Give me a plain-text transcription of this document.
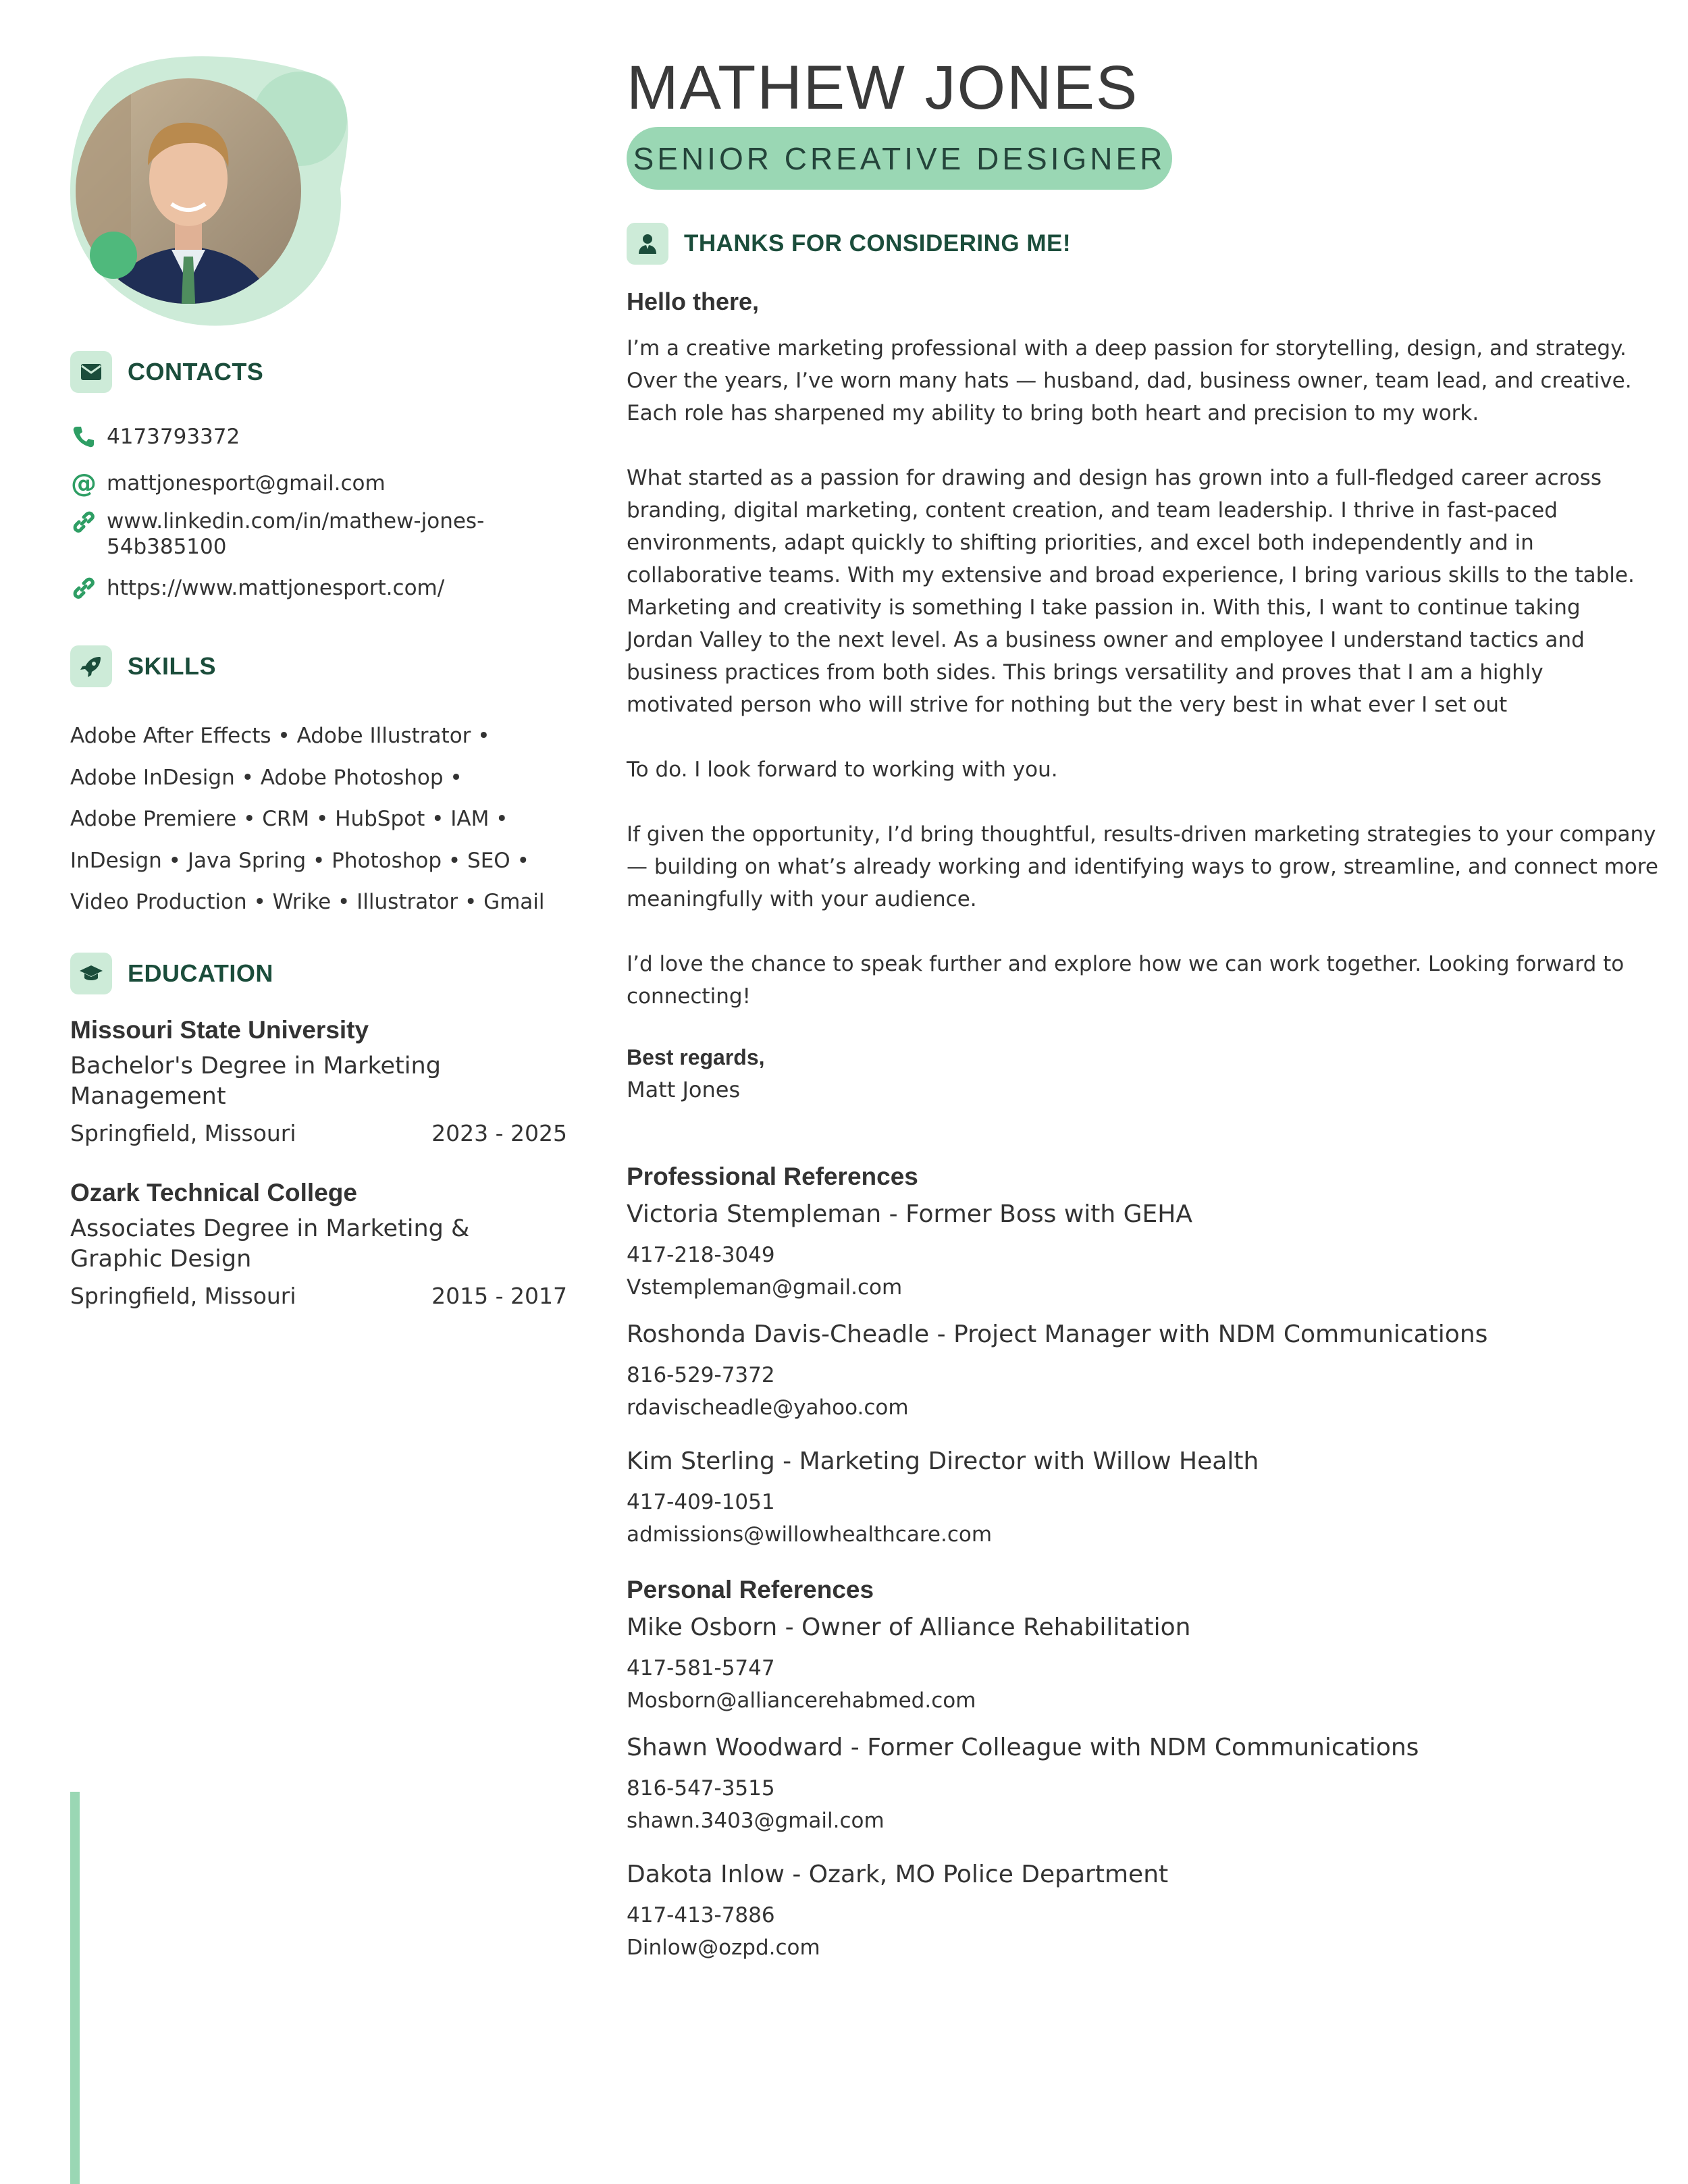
CONTACTS
4173793372
@ mattjonesport@gmail.com
www.linkedin.com/in/mathew-jones-54b385100
https://www.mattjonesport.com/
SKILLS
Adobe After Effects • Adobe Illustrator •
Adobe InDesign • Adobe Photoshop •
Adobe Premiere • CRM • HubSpot • IAM •
InDesign • Java Spring • Photoshop • SEO •
Video Production • Wrike • Illustrator • Gmail
EDUCATION
Missouri State University
Bachelor's Degree in Marketing Management
Springfield, Missouri	2023 - 2025
Ozark Technical College
Associates Degree in Marketing & Graphic Design
Springfield, Missouri	2015 - 2017
MATHEW JONES
SENIOR CREATIVE DESIGNER
THANKS FOR CONSIDERING ME!
Hello there,

I’m a creative marketing professional with a deep passion for storytelling, design, and strategy.
Over the years, I’ve worn many hats — husband, dad, business owner, team lead, and creative.
Each role has sharpened my ability to bring both heart and precision to my work.

What started as a passion for drawing and design has grown into a full-fledged career across
branding, digital marketing, content creation, and team leadership. I thrive in fast-paced
environments, adapt quickly to shifting priorities, and excel both independently and in
collaborative teams. With my extensive and broad experience, I bring various skills to the table.
Marketing and creativity is something I take passion in. With this, I want to continue taking
Jordan Valley to the next level. As a business owner and employee I understand tactics and
business practices from both sides. This brings versatility and proves that I am a highly
motivated person who will strive for nothing but the very best in what ever I set out

To do. I look forward to working with you.

If given the opportunity, I’d bring thoughtful, results-driven marketing strategies to your company
— building on what’s already working and identifying ways to grow, streamline, and connect more
meaningfully with your audience.

I’d love the chance to speak further and explore how we can work together. Looking forward to
connecting!

Best regards,
Matt Jones
Professional References
Victoria Stempleman - Former Boss with GEHA
417-218-3049
Vstempleman@gmail.com
Roshonda Davis-Cheadle - Project Manager with NDM Communications
816-529-7372
rdavischeadle@yahoo.com
Kim Sterling - Marketing Director with Willow Health
417-409-1051
admissions@willowhealthcare.com
Personal References
Mike Osborn - Owner of Alliance Rehabilitation
417-581-5747
Mosborn@alliancerehabmed.com
Shawn Woodward - Former Colleague with NDM Communications
816-547-3515
shawn.3403@gmail.com
Dakota Inlow - Ozark, MO Police Department
417-413-7886
Dinlow@ozpd.com
